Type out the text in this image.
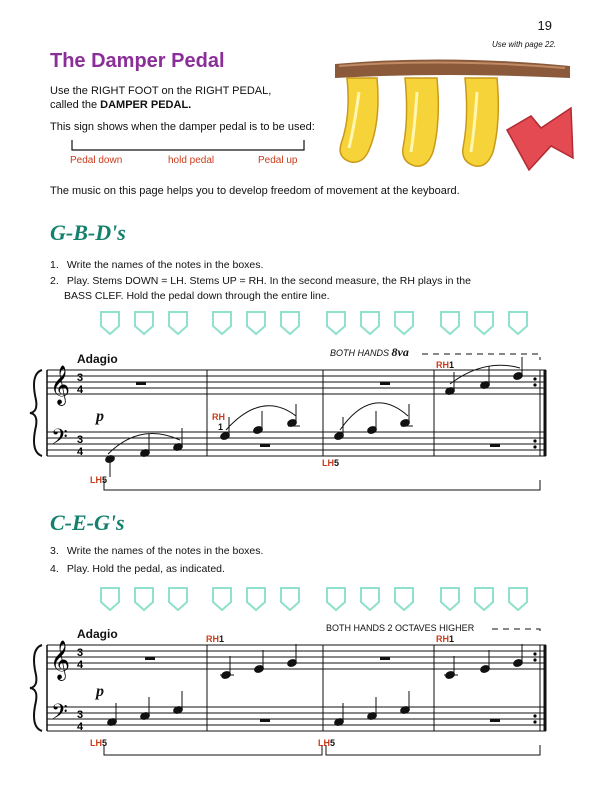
19
Use with page 22.
The Damper Pedal
Use the RIGHT FOOT on the RIGHT PEDAL,
called the DAMPER PEDAL.
This sign shows when the damper pedal is to be used:
Pedal down	hold pedal	Pedal up
The music on this page helps you to develop freedom of movement at the keyboard.
G-B-D's
1. Write the names of the notes in the boxes.
2. Play. Stems DOWN = LH. Stems UP = RH. In the second measure, the RH plays in the
BASS CLEF. Hold the pedal down through the entire line.
Adagio	BOTH HANDS 8va
𝄞
𝄢
3
4
3
4
p
LH5
RH
1
LH5
RH1
C-E-G's
3. Write the names of the notes in the boxes.
4. Play. Hold the pedal, as indicated.
Adagio	BOTH HANDS 2 OCTAVES HIGHER
𝄞
𝄢
3
4
3
4
p
LH5
RH1
LH5
RH1
